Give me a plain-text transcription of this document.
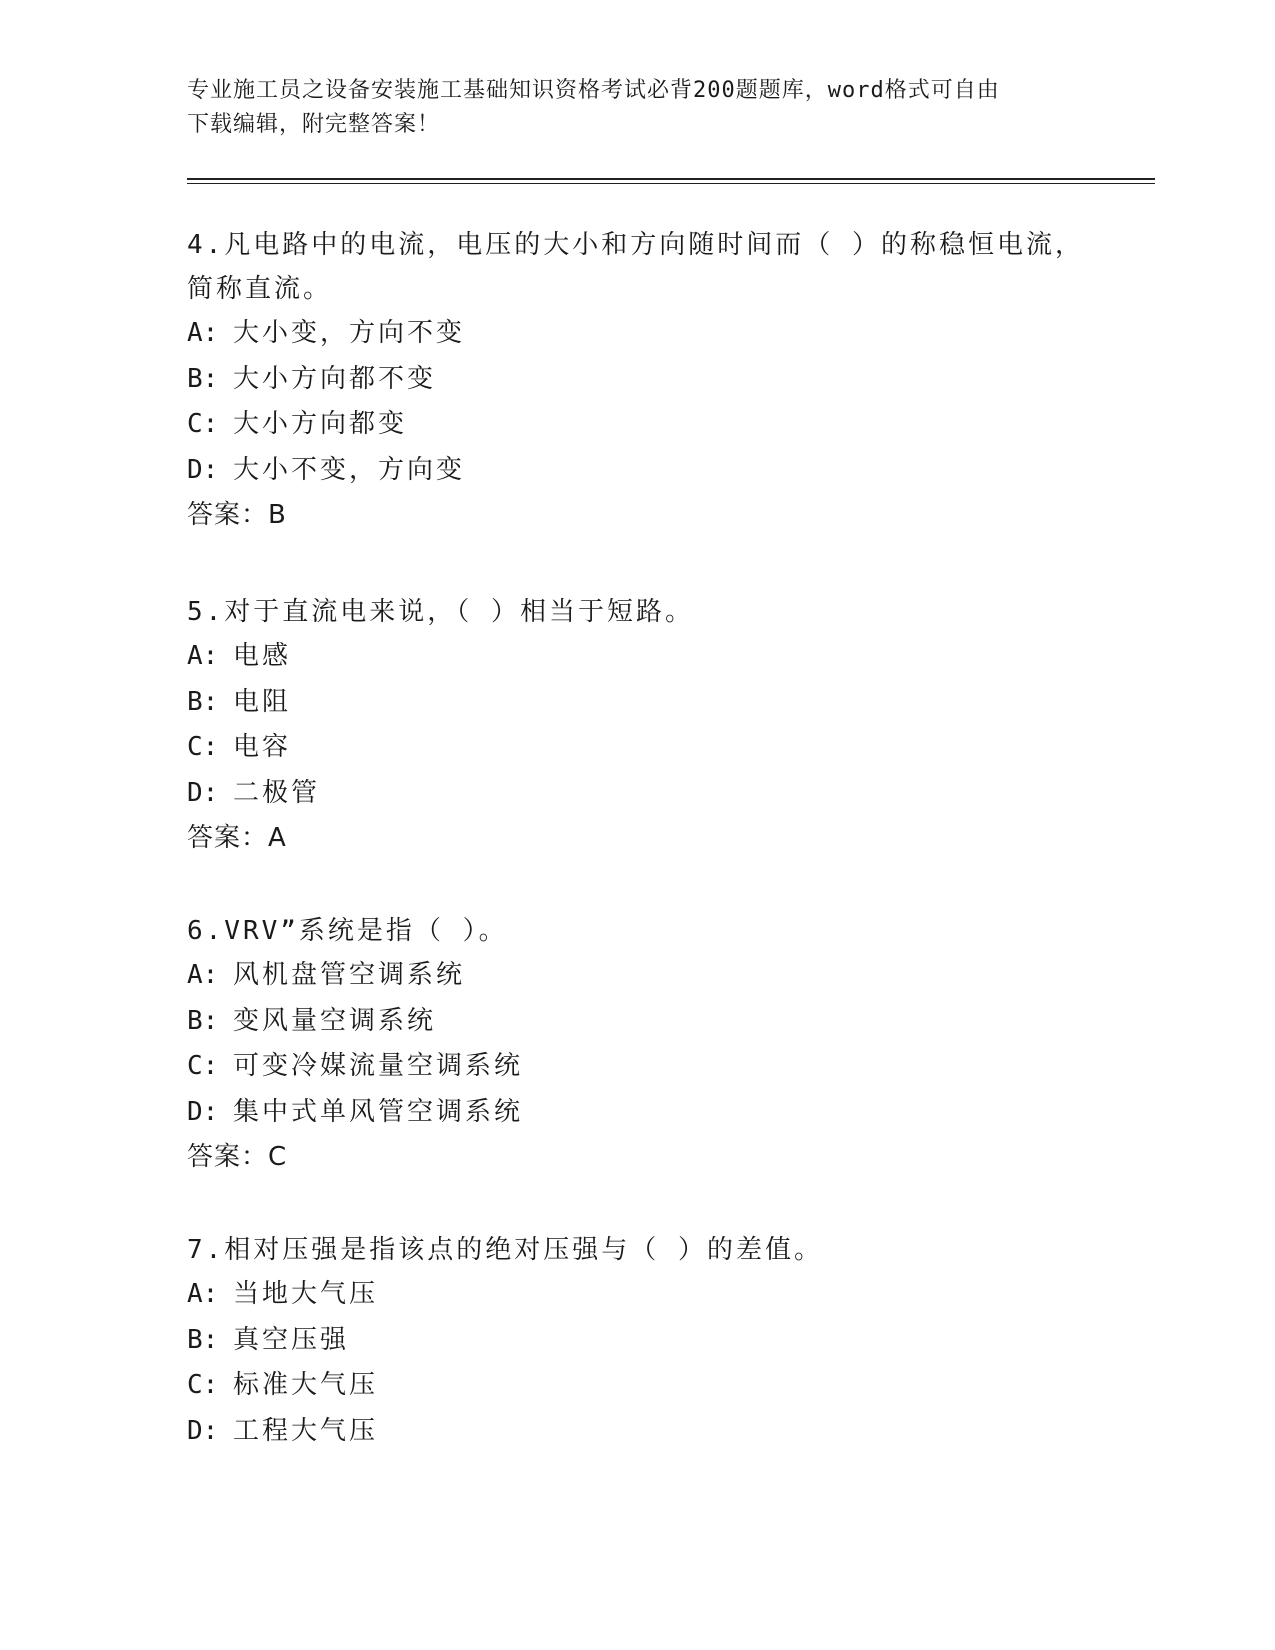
专业施工员之设备安装施工基础知识资格考试必背200题题库，word格式可自由
下载编辑，附完整答案！

4.凡电路中的电流，电压的大小和方向随时间而（ ）的称稳恒电流，

简称直流。

A: 大小变，方向不变

B: 大小方向都不变

C: 大小方向都变

D: 大小不变，方向变

答案：B

5.对于直流电来说，（ ）相当于短路。

A: 电感

B: 电阻

C: 电容

D: 二极管

答案：A

6.VRV”系统是指（ ）。

A: 风机盘管空调系统

B: 变风量空调系统

C: 可变冷媒流量空调系统

D: 集中式单风管空调系统

答案：C

7.相对压强是指该点的绝对压强与（ ）的差值。

A: 当地大气压

B: 真空压强

C: 标准大气压

D: 工程大气压
